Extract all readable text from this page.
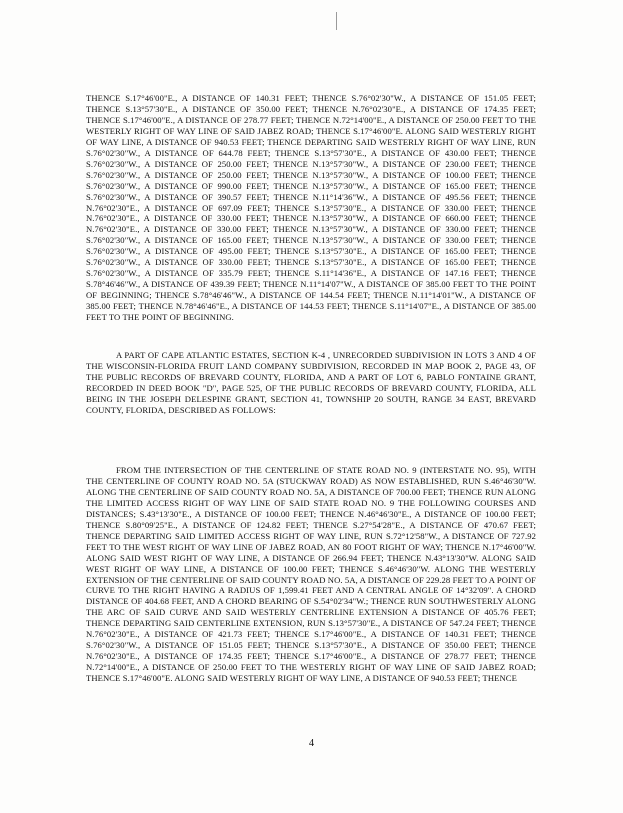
THENCE S.17°46'00"E., A DISTANCE OF 140.31 FEET; THENCE S.76°02'30"W., A DISTANCE OF 151.05 FEET; THENCE S.13°57'30"E., A DISTANCE OF 350.00 FEET; THENCE N.76°02'30"E., A DISTANCE OF 174.35 FEET; THENCE S.17°46'00"E., A DISTANCE OF 278.77 FEET; THENCE N.72°14'00"E., A DISTANCE OF 250.00 FEET TO THE WESTERLY RIGHT OF WAY LINE OF SAID JABEZ ROAD; THENCE S.17°46'00"E. ALONG SAID WESTERLY RIGHT OF WAY LINE, A DISTANCE OF 940.53 FEET; THENCE DEPARTING SAID WESTERLY RIGHT OF WAY LINE, RUN S.76°02'30"W., A DISTANCE OF 644.78 FEET; THENCE S.13°57'30"E., A DISTANCE OF 430.00 FEET; THENCE S.76°02'30"W., A DISTANCE OF 250.00 FEET; THENCE N.13°57'30"W., A DISTANCE OF 230.00 FEET; THENCE S.76°02'30"W., A DISTANCE OF 250.00 FEET; THENCE N.13°57'30"W., A DISTANCE OF 100.00 FEET; THENCE S.76°02'30"W., A DISTANCE OF 990.00 FEET; THENCE N.13°57'30"W., A DISTANCE OF 165.00 FEET; THENCE S.76°02'30"W., A DISTANCE OF 390.57 FEET; THENCE N.11°14'36"W., A DISTANCE OF 495.56 FEET; THENCE N.76°02'30"E., A DISTANCE OF 697.09 FEET; THENCE S.13°57'30"E., A DISTANCE OF 330.00 FEET; THENCE N.76°02'30"E., A DISTANCE OF 330.00 FEET; THENCE N.13°57'30"W., A DISTANCE OF 660.00 FEET; THENCE N.76°02'30"E., A DISTANCE OF 330.00 FEET; THENCE N.13°57'30"W., A DISTANCE OF 330.00 FEET; THENCE S.76°02'30"W., A DISTANCE OF 165.00 FEET; THENCE N.13°57'30"W., A DISTANCE OF 330.00 FEET; THENCE S.76°02'30"W., A DISTANCE OF 495.00 FEET; THENCE S.13°57'30"E., A DISTANCE OF 165.00 FEET; THENCE S.76°02'30"W., A DISTANCE OF 330.00 FEET; THENCE S.13°57'30"E., A DISTANCE OF 165.00 FEET; THENCE S.76°02'30"W., A DISTANCE OF 335.79 FEET; THENCE S.11°14'36"E., A DISTANCE OF 147.16 FEET; THENCE S.78°46'46"W., A DISTANCE OF 439.39 FEET; THENCE N.11°14'07"W., A DISTANCE OF 385.00 FEET TO THE POINT OF BEGINNING; THENCE S.78°46'46"W., A DISTANCE OF 144.54 FEET; THENCE N.11°14'01"W., A DISTANCE OF 385.00 FEET; THENCE N.78°46'46"E., A DISTANCE OF 144.53 FEET; THENCE S.11°14'07"E., A DISTANCE OF 385.00 FEET TO THE POINT OF BEGINNING.

A PART OF CAPE ATLANTIC ESTATES, SECTION K-4 , UNRECORDED SUBDIVISION IN LOTS 3 AND 4 OF THE WISCONSIN-FLORIDA FRUIT LAND COMPANY SUBDIVISION, RECORDED IN MAP BOOK 2, PAGE 43, OF THE PUBLIC RECORDS OF BREVARD COUNTY, FLORIDA, AND A PART OF LOT 6, PABLO FONTAINE GRANT, RECORDED IN DEED BOOK "D", PAGE 525, OF THE PUBLIC RECORDS OF BREVARD COUNTY, FLORIDA, ALL BEING IN THE JOSEPH DELESPINE GRANT, SECTION 41, TOWNSHIP 20 SOUTH, RANGE 34 EAST, BREVARD COUNTY, FLORIDA, DESCRIBED AS FOLLOWS:

FROM THE INTERSECTION OF THE CENTERLINE OF STATE ROAD NO. 9 (INTERSTATE NO. 95), WITH THE CENTERLINE OF COUNTY ROAD NO. 5A (STUCKWAY ROAD) AS NOW ESTABLISHED, RUN S.46°46'30"W. ALONG THE CENTERLINE OF SAID COUNTY ROAD NO. 5A, A DISTANCE OF 700.00 FEET; THENCE RUN ALONG THE LIMITED ACCESS RIGHT OF WAY LINE OF SAID STATE ROAD NO. 9 THE FOLLOWING COURSES AND DISTANCES; S.43°13'30"E., A DISTANCE OF 100.00 FEET; THENCE N.46°46'30"E., A DISTANCE OF 100.00 FEET; THENCE S.80°09'25"E., A DISTANCE OF 124.82 FEET; THENCE S.27°54'28"E., A DISTANCE OF 470.67 FEET; THENCE DEPARTING SAID LIMITED ACCESS RIGHT OF WAY LINE, RUN S.72°12'58"W., A DISTANCE OF 727.92 FEET TO THE WEST RIGHT OF WAY LINE OF JABEZ ROAD, AN 80 FOOT RIGHT OF WAY; THENCE N.17°46'00"W. ALONG SAID WEST RIGHT OF WAY LINE, A DISTANCE OF 266.94 FEET; THENCE N.43°13'30"W. ALONG SAID WEST RIGHT OF WAY LINE, A DISTANCE OF 100.00 FEET; THENCE S.46°46'30"W. ALONG THE WESTERLY EXTENSION OF THE CENTERLINE OF SAID COUNTY ROAD NO. 5A, A DISTANCE OF 229.28 FEET TO A POINT OF CURVE TO THE RIGHT HAVING A RADIUS OF 1,599.41 FEET AND A CENTRAL ANGLE OF 14°32'09". A CHORD DISTANCE OF 404.68 FEET, AND A CHORD BEARING OF S.54°02'34"W.; THENCE RUN SOUTHWESTERLY ALONG THE ARC OF SAID CURVE AND SAID WESTERLY CENTERLINE EXTENSION A DISTANCE OF 405.76 FEET; THENCE DEPARTING SAID CENTERLINE EXTENSION, RUN S.13°57'30"E., A DISTANCE OF 547.24 FEET; THENCE N.76°02'30"E., A DISTANCE OF 421.73 FEET; THENCE S.17°46'00"E., A DISTANCE OF 140.31 FEET; THENCE S.76°02'30"W., A DISTANCE OF 151.05 FEET; THENCE S.13°57'30"E., A DISTANCE OF 350.00 FEET; THENCE N.76°02'30"E., A DISTANCE OF 174.35 FEET; THENCE S.17°46'00"E., A DISTANCE OF 278.77 FEET; THENCE N.72°14'00"E., A DISTANCE OF 250.00 FEET TO THE WESTERLY RIGHT OF WAY LINE OF SAID JABEZ ROAD; THENCE S.17°46'00"E. ALONG SAID WESTERLY RIGHT OF WAY LINE, A DISTANCE OF 940.53 FEET; THENCE

4
